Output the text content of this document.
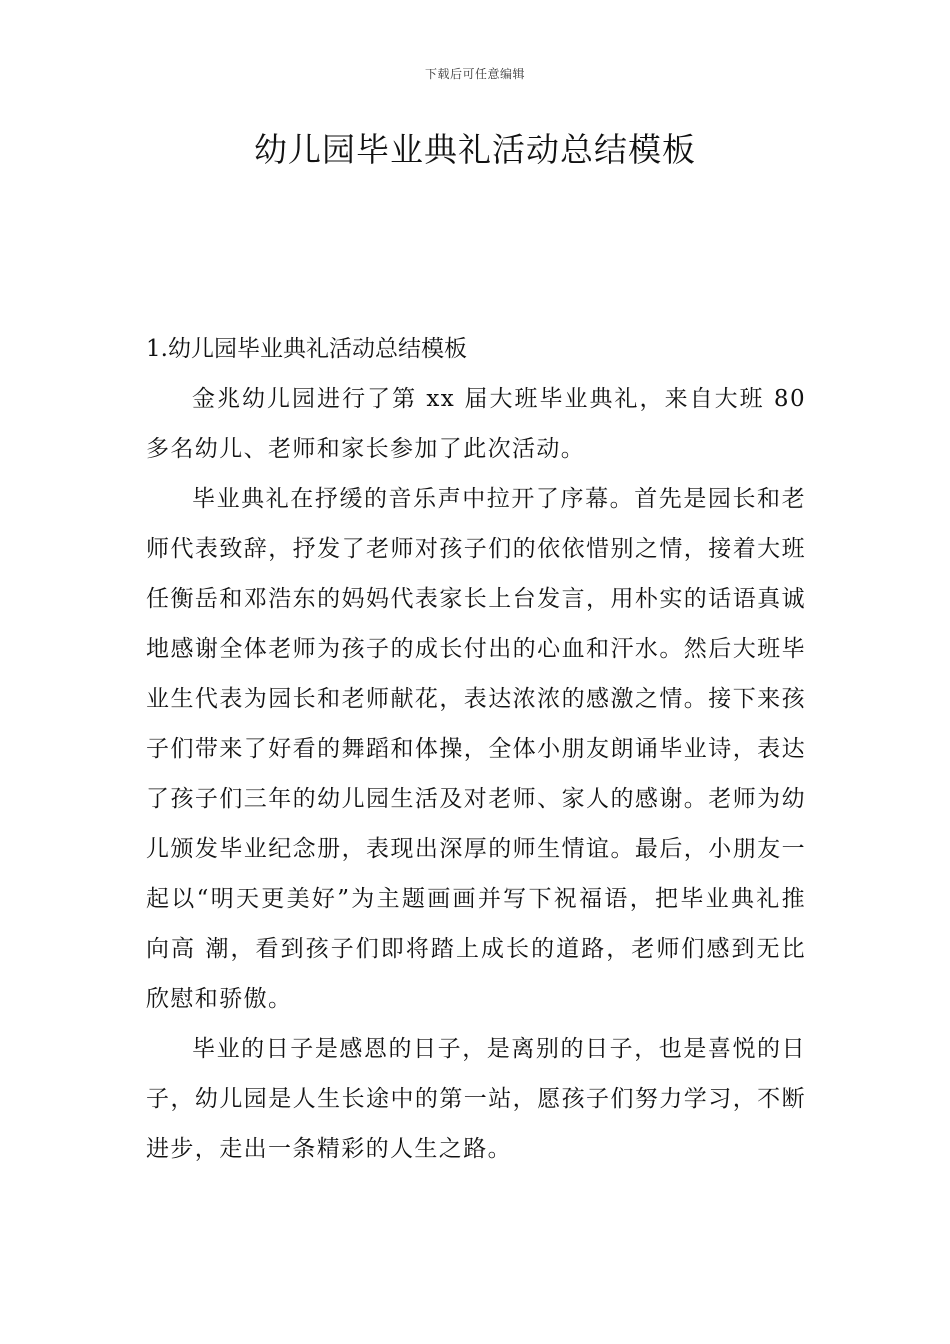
下载后可任意编辑
幼儿园毕业典礼活动总结模板

1.幼儿园毕业典礼活动总结模板

金兆幼儿园进行了第 xx 届大班毕业典礼，来自大班 80 多名幼儿、老师和家长参加了此次活动。

毕业典礼在抒缓的音乐声中拉开了序幕。首先是园长和老师代表致辞，抒发了老师对孩子们的依依惜别之情，接着大班任衡岳和邓浩东的妈妈代表家长上台发言，用朴实的话语真诚地感谢全体老师为孩子的成长付出的心血和汗水。然后大班毕业生代表为园长和老师献花，表达浓浓的感激之情。接下来孩子们带来了好看的舞蹈和体操，全体小朋友朗诵毕业诗，表达了孩子们三年的幼儿园生活及对老师、家人的感谢。老师为幼儿颁发毕业纪念册，表现出深厚的师生情谊。最后，小朋友一起以“明天更美好”为主题画画并写下祝福语，把毕业典礼推向高 潮，看到孩子们即将踏上成长的道路，老师们感到无比欣慰和骄傲。

毕业的日子是感恩的日子，是离别的日子，也是喜悦的日子，幼儿园是人生长途中的第一站，愿孩子们努力学习，不断进步，走出一条精彩的人生之路。
